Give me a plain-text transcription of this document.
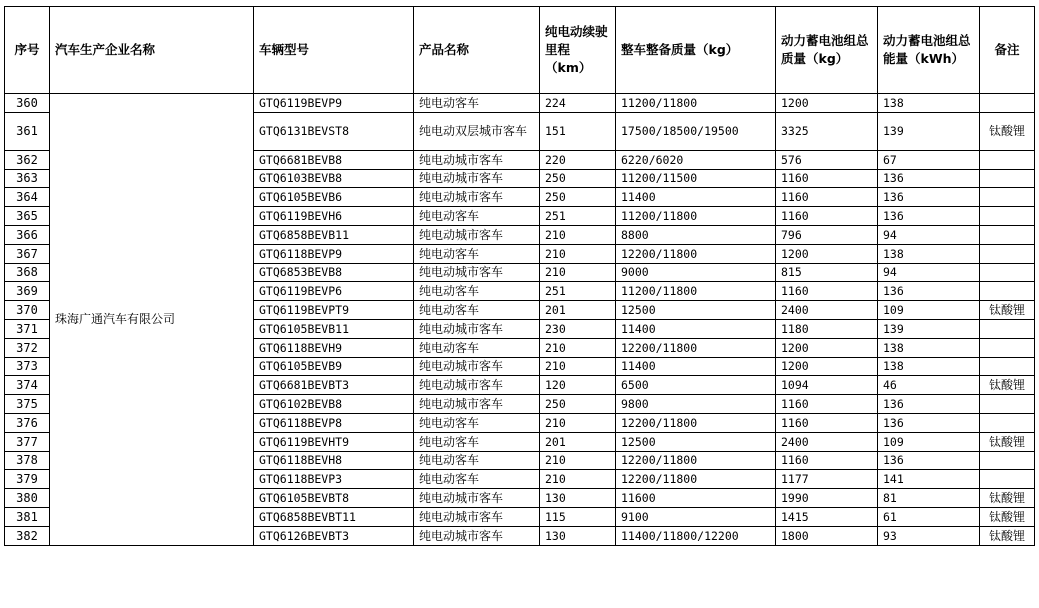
序号	汽车生产企业名称	车辆型号	产品名称	纯电动续驶里程（km）	整车整备质量（kg）	动力蓄电池组总质量（kg）	动力蓄电池组总能量（kWh）	备注
360	珠海广通汽车有限公司	GTQ6119BEVP9	纯电动客车	224	11200/11800	1200	138	
361		GTQ6131BEVST8	纯电动双层城市客车	151	17500/18500/19500	3325	139	钛酸锂
362		GTQ6681BEVB8	纯电动城市客车	220	6220/6020	576	67	
363		GTQ6103BEVB8	纯电动城市客车	250	11200/11500	1160	136	
364		GTQ6105BEVB6	纯电动城市客车	250	11400	1160	136	
365		GTQ6119BEVH6	纯电动客车	251	11200/11800	1160	136	
366		GTQ6858BEVB11	纯电动城市客车	210	8800	796	94	
367		GTQ6118BEVP9	纯电动客车	210	12200/11800	1200	138	
368		GTQ6853BEVB8	纯电动城市客车	210	9000	815	94	
369		GTQ6119BEVP6	纯电动客车	251	11200/11800	1160	136	
370		GTQ6119BEVPT9	纯电动客车	201	12500	2400	109	钛酸锂
371		GTQ6105BEVB11	纯电动城市客车	230	11400	1180	139	
372		GTQ6118BEVH9	纯电动客车	210	12200/11800	1200	138	
373		GTQ6105BEVB9	纯电动城市客车	210	11400	1200	138	
374		GTQ6681BEVBT3	纯电动城市客车	120	6500	1094	46	钛酸锂
375		GTQ6102BEVB8	纯电动城市客车	250	9800	1160	136	
376		GTQ6118BEVP8	纯电动客车	210	12200/11800	1160	136	
377		GTQ6119BEVHT9	纯电动客车	201	12500	2400	109	钛酸锂
378		GTQ6118BEVH8	纯电动客车	210	12200/11800	1160	136	
379		GTQ6118BEVP3	纯电动客车	210	12200/11800	1177	141	
380		GTQ6105BEVBT8	纯电动城市客车	130	11600	1990	81	钛酸锂
381		GTQ6858BEVBT11	纯电动城市客车	115	9100	1415	61	钛酸锂
382		GTQ6126BEVBT3	纯电动城市客车	130	11400/11800/12200	1800	93	钛酸锂
